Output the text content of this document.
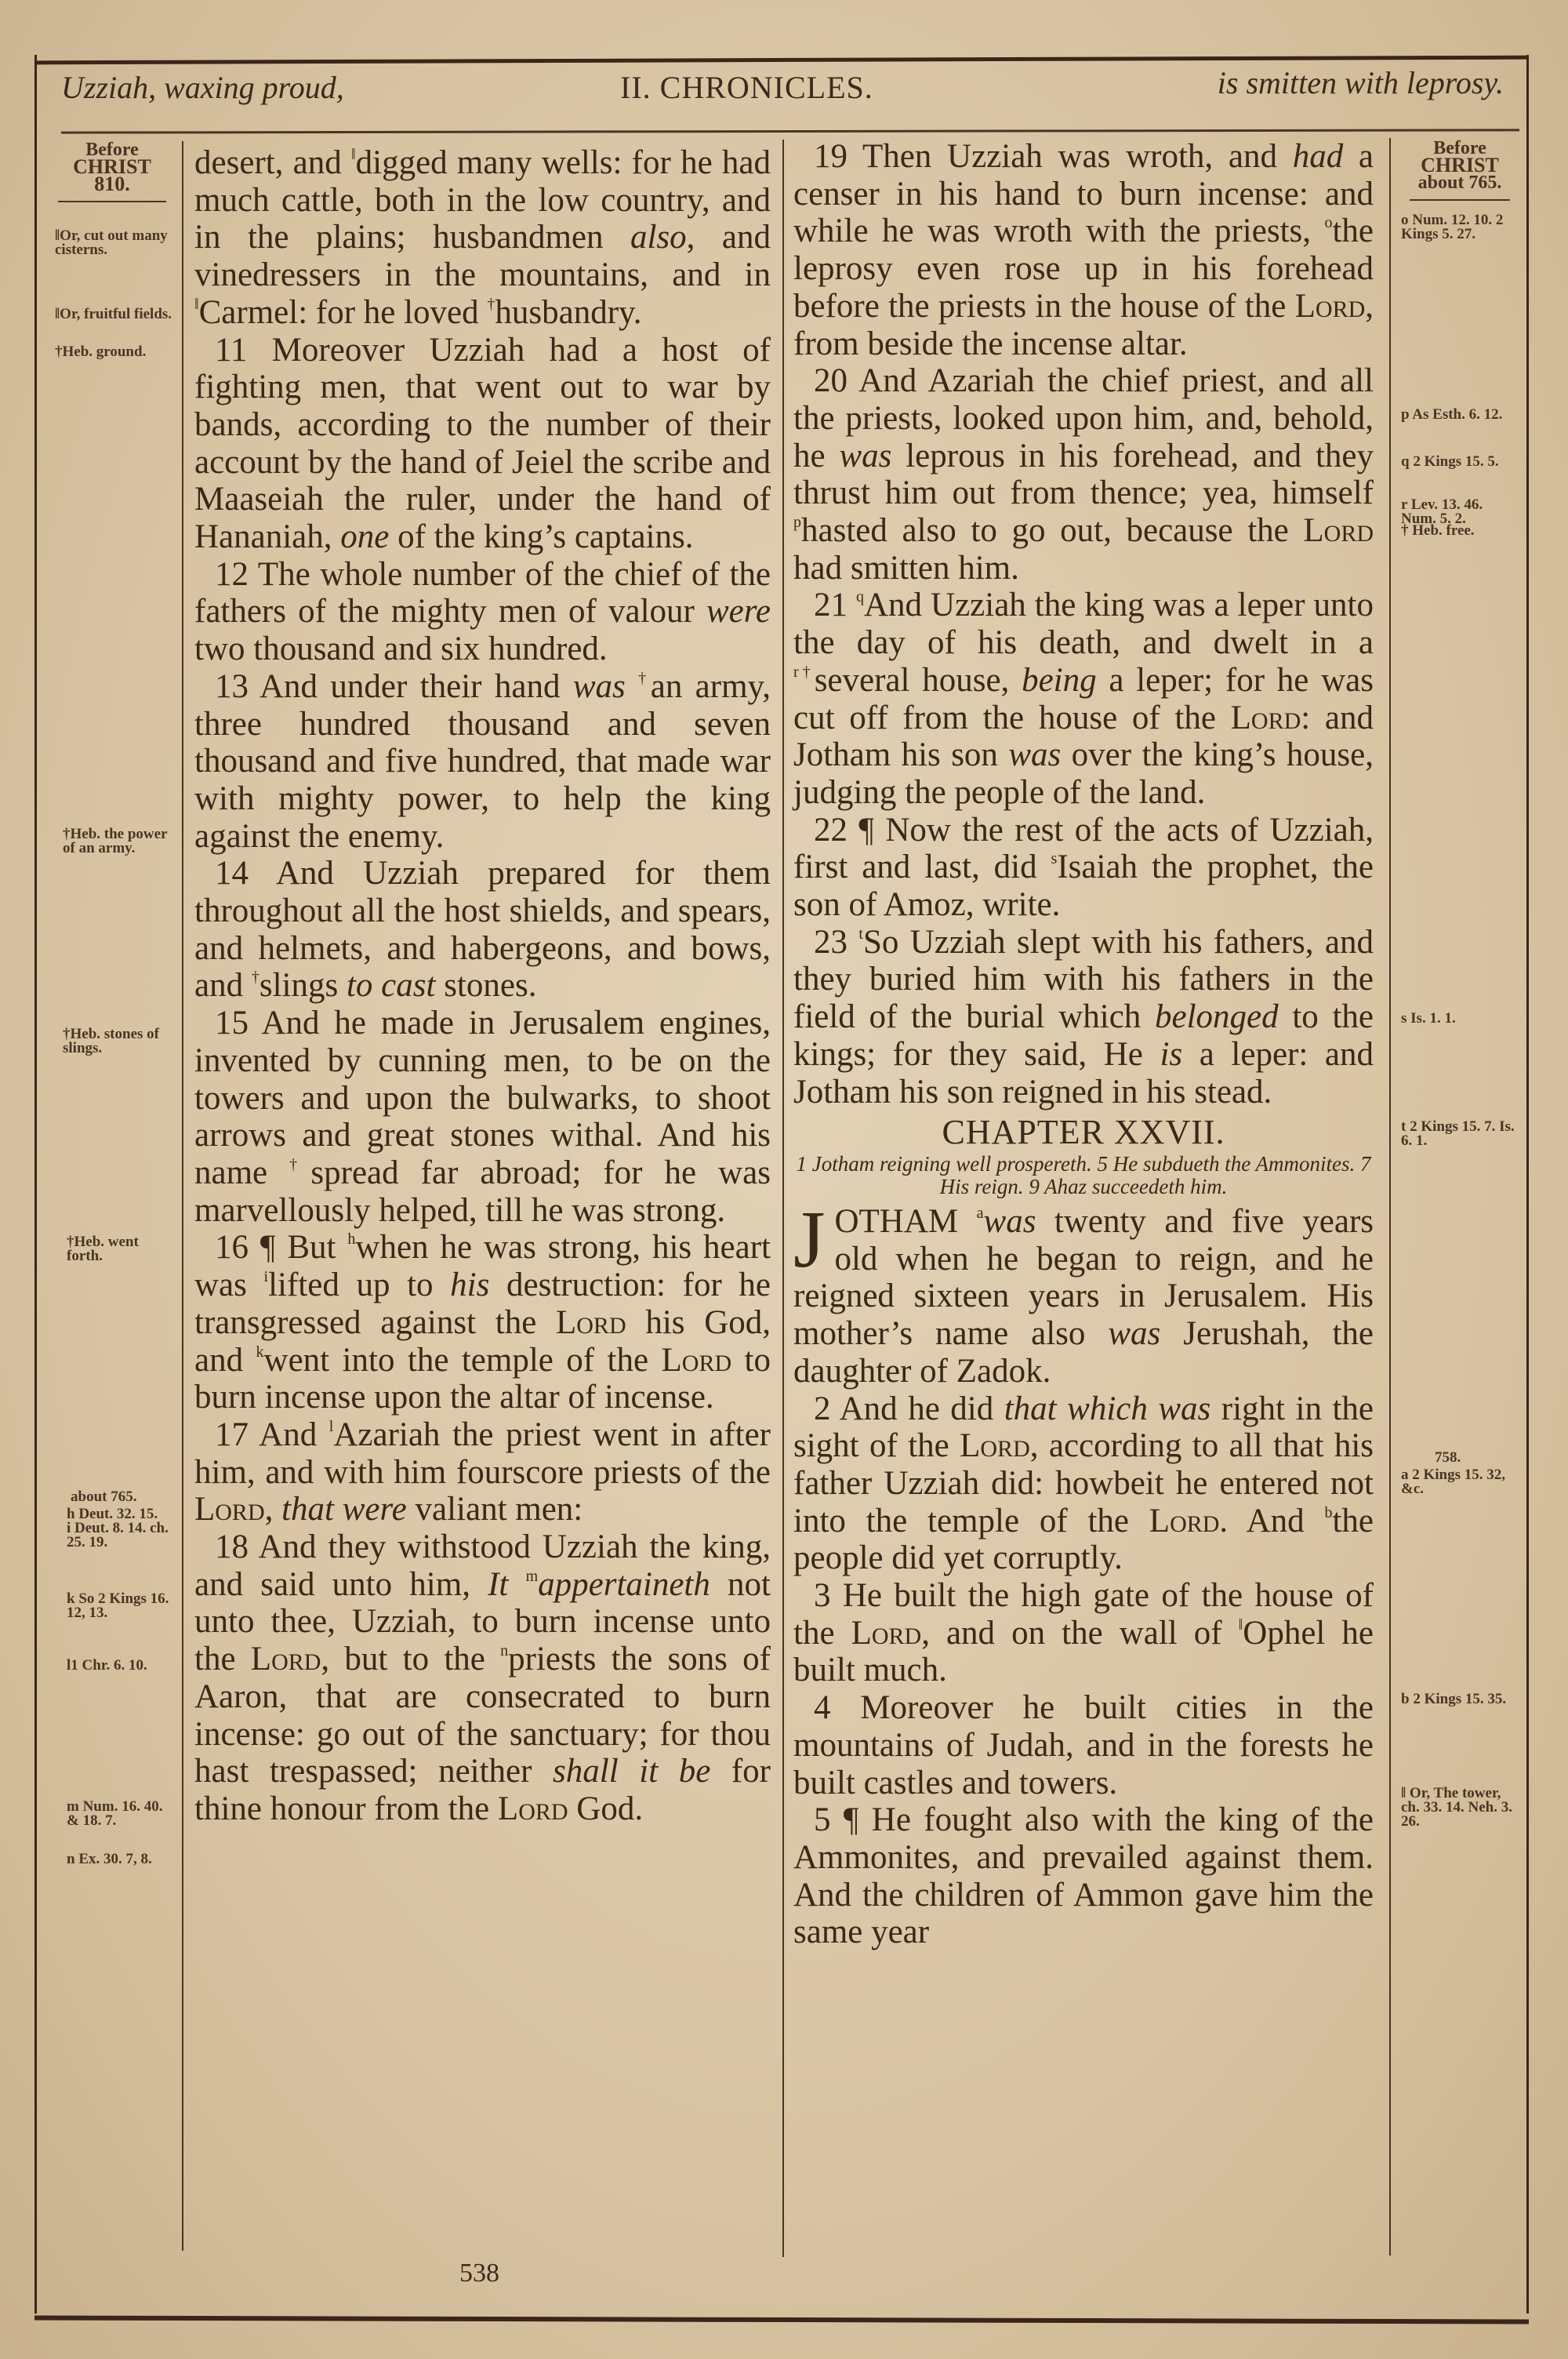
Uzziah, waxing proud,	II. CHRONICLES.	is smitten with leprosy.
Before
CHRIST
810.
‖Or, cut out many cisterns.
‖Or, fruitful fields.
†Heb. ground.
†Heb. the power of an army.
†Heb. stones of slings.
†Heb. went forth.
about 765.
h Deut. 32. 15.
i Deut. 8. 14. ch. 25. 19.
k So 2 Kings 16. 12, 13.
l1 Chr. 6. 10.
m Num. 16. 40. & 18. 7.
n Ex. 30. 7, 8.
Before
CHRIST
about 765.
o Num. 12. 10. 2 Kings 5. 27.
p As Esth. 6. 12.
q 2 Kings 15. 5.
r Lev. 13. 46. Num. 5. 2.
† Heb. free.
s Is. 1. 1.
t 2 Kings 15. 7. Is. 6. 1.
758.
a 2 Kings 15. 32, &c.
b 2 Kings 15. 35.
‖ Or, The tower, ch. 33. 14. Neh. 3. 26.

desert, and ‖digged many wells: for he had much cattle, both in the low country, and in the plains; husbandmen also, and vinedressers in the mountains, and in ‖Carmel: for he loved †husbandry.

11 Moreover Uzziah had a host of fighting men, that went out to war by bands, according to the number of their account by the hand of Jeiel the scribe and Maaseiah the ruler, under the hand of Hananiah, one of the king’s captains.

12 The whole number of the chief of the fathers of the mighty men of valour were two thousand and six hundred.

13 And under their hand was †an army, three hundred thousand and seven thousand and five hundred, that made war with mighty power, to help the king against the enemy.

14 And Uzziah prepared for them throughout all the host shields, and spears, and helmets, and habergeons, and bows, and †slings to cast stones.

15 And he made in Jerusalem engines, invented by cunning men, to be on the towers and upon the bulwarks, to shoot arrows and great stones withal. And his name †spread far abroad; for he was marvellously helped, till he was strong.

16 ¶ But $^h$when he was strong, his heart was $^i$lifted up to his destruction: for he transgressed against the Lord his God, and $^k$went into the temple of the Lord to burn incense upon the altar of incense.

17 And $^l$Azariah the priest went in after him, and with him fourscore priests of the Lord, that were valiant men:

18 And they withstood Uzziah the king, and said unto him, It $^m$appertaineth not unto thee, Uzziah, to burn incense unto the Lord, but to the $^n$priests the sons of Aaron, that are consecrated to burn incense: go out of the sanctuary; for thou hast trespassed; neither shall it be for thine honour from the Lord God.

19 Then Uzziah was wroth, and had a censer in his hand to burn incense: and while he was wroth with the priests, $^o$the leprosy even rose up in his forehead before the priests in the house of the Lord, from beside the incense altar.

20 And Azariah the chief priest, and all the priests, looked upon him, and, behold, he was leprous in his forehead, and they thrust him out from thence; yea, himself $^p$hasted also to go out, because the Lord had smitten him.

21 $^q$And Uzziah the king was a leper unto the day of his death, and dwelt in a $^{r\dagger}$several house, being a leper; for he was cut off from the house of the Lord: and Jotham his son was over the king’s house, judging the people of the land.

22 ¶ Now the rest of the acts of Uzziah, first and last, did $^s$Isaiah the prophet, the son of Amoz, write.

23 $^t$So Uzziah slept with his fathers, and they buried him with his fathers in the field of the burial which belonged to the kings; for they said, He is a leper: and Jotham his son reigned in his stead.

CHAPTER XXVII.
1 Jotham reigning well prospereth. 5 He subdueth the Ammonites. 7 His reign. 9 Ahaz succeedeth him.

JOTHAM $^a$was twenty and five years old when he began to reign, and he reigned sixteen years in Jerusalem. His mother’s name also was Jerushah, the daughter of Zadok.

2 And he did that which was right in the sight of the Lord, according to all that his father Uzziah did: howbeit he entered not into the temple of the Lord. And $^b$the people did yet corruptly.

3 He built the high gate of the house of the Lord, and on the wall of ‖Ophel he built much.

4 Moreover he built cities in the mountains of Judah, and in the forests he built castles and towers.

5 ¶ He fought also with the king of the Ammonites, and prevailed against them. And the children of Ammon gave him the same year

538
